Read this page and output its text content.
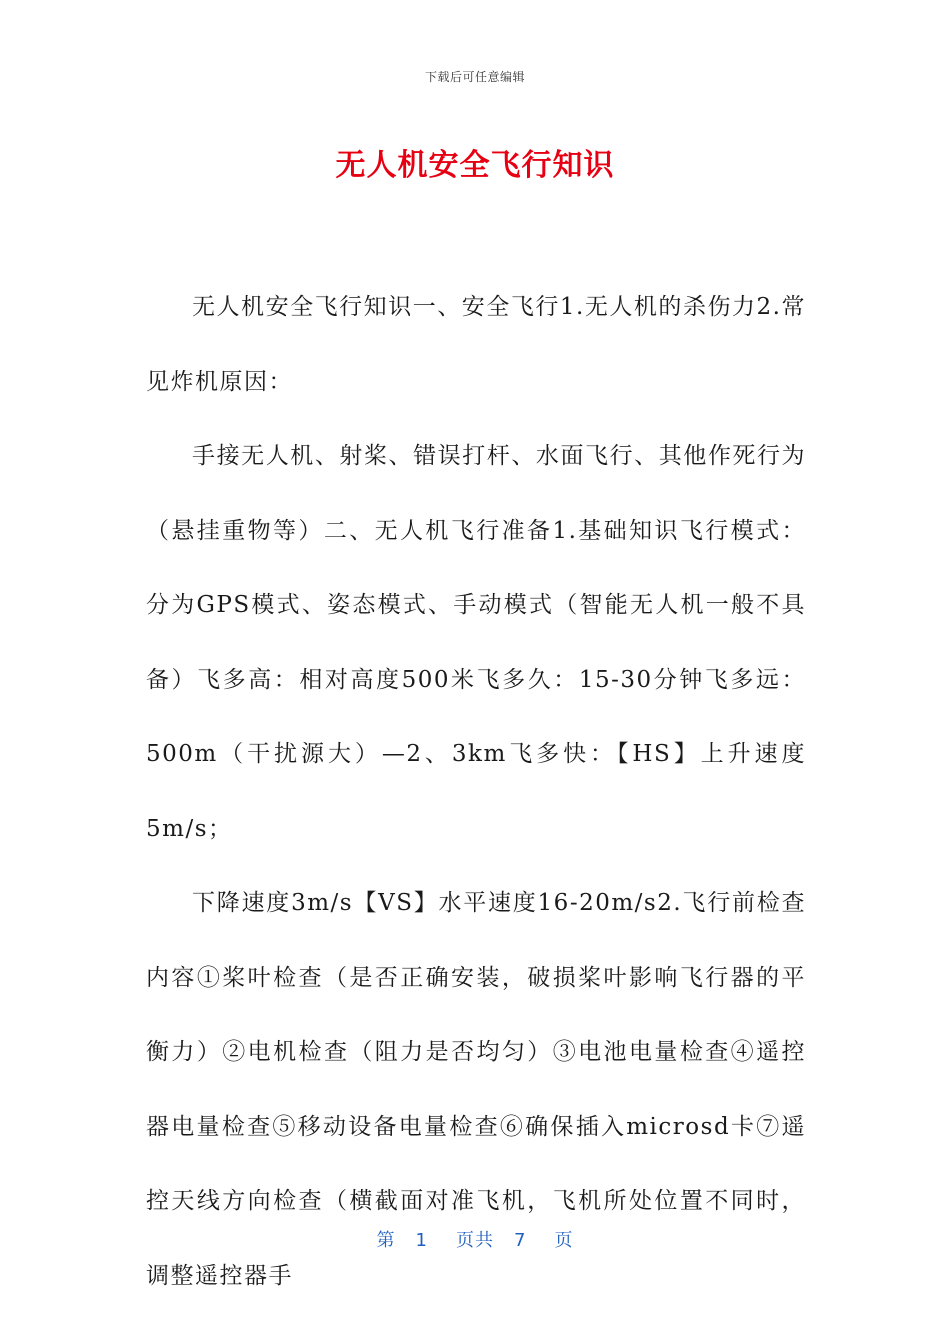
下载后可任意编辑
无人机安全飞行知识

无人机安全飞行知识一、安全飞行1.无人机的杀伤力2.常见炸机原因：

手接无人机、射桨、错误打杆、水面飞行、其他作死行为（悬挂重物等）二、无人机飞行准备1.基础知识飞行模式：分为GPS模式、姿态模式、手动模式（智能无人机一般不具备）飞多高：相对高度500米飞多久：15-30分钟飞多远：500m（干扰源大）—2、3km飞多快：【HS】上升速度5m/s；

下降速度3m/s【VS】水平速度16-20m/s2.飞行前检查内容①桨叶检查（是否正确安装，破损桨叶影响飞行器的平衡力）②电机检查（阻力是否均匀）③电池电量检查④遥控器电量检查⑤移动设备电量检查⑥确保插入microsd卡⑦遥控天线方向检查（横截面对准飞机，飞机所处位置不同时，调整遥控器手

第 1 页共 7 页
